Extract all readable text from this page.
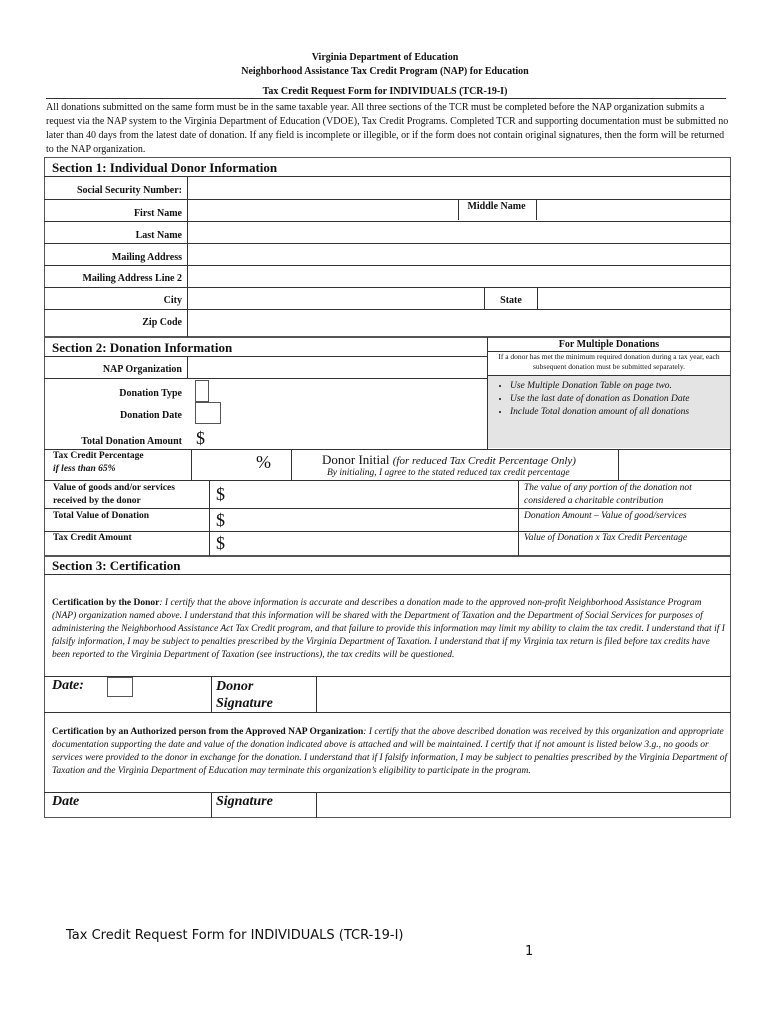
Virginia Department of Education
Neighborhood Assistance Tax Credit Program (NAP) for Education
Tax Credit Request Form for INDIVIDUALS (TCR-19-I)
All donations submitted on the same form must be in the same taxable year. All three sections of the TCR must be completed before the NAP organization submits a request via the NAP system to the Virginia Department of Education (VDOE), Tax Credit Programs. Completed TCR and supporting documentation must be submitted no later than 40 days from the latest date of donation. If any field is incomplete or illegible, or if the form does not contain original signatures, then the form will be returned to the NAP organization.
Section 1: Individual Donor Information
Social Security Number:
First Name
Middle Name
Last Name
Mailing Address
Mailing Address Line 2
City	State
Zip Code
Section 2: Donation Information
NAP Organization
Donation Type
Donation Date
Total Donation Amount $
For Multiple Donations
If a donor has met the minimum required donation during a tax year, each subsequent donation must be submitted separately.
• Use Multiple Donation Table on page two.
• Use the last date of donation as Donation Date
• Include Total donation amount of all donations
Tax Credit Percentage
if less than 65%	%	Donor Initial (for reduced Tax Credit Percentage Only)
By initialing, I agree to the stated reduced tax credit percentage
Value of goods and/or services received by the donor	$	The value of any portion of the donation not considered a charitable contribution
Total Value of Donation	$	Donation Amount – Value of good/services
Tax Credit Amount	$	Value of Donation x Tax Credit Percentage
Section 3: Certification
Certification by the Donor: I certify that the above information is accurate and describes a donation made to the approved non-profit Neighborhood Assistance Program (NAP) organization named above. I understand that this information will be shared with the Department of Taxation and the Department of Social Services for purposes of administering the Neighborhood Assistance Act Tax Credit program, and that failure to provide this information may limit my ability to claim the tax credit. I understand that if I falsify information, I may be subject to penalties prescribed by the Virginia Department of Taxation. I understand that if my Virginia tax return is filed before tax credits have been reported to the Virginia Department of Taxation (see instructions), the tax credits will be questioned.
Date:	Donor Signature
Certification by an Authorized person from the Approved NAP Organization: I certify that the above described donation was received by this organization and appropriate documentation supporting the date and value of the donation indicated above is attached and will be maintained. I certify that if not amount is listed below 3.g., no goods or services were provided to the donor in exchange for the donation. I understand that if I falsify information, I may be subject to penalties prescribed by the Virginia Department of Taxation and the Virginia Department of Education may terminate this organization’s eligibility to participate in the program.
Date	Signature
Tax Credit Request Form for INDIVIDUALS (TCR-19-I)
1
